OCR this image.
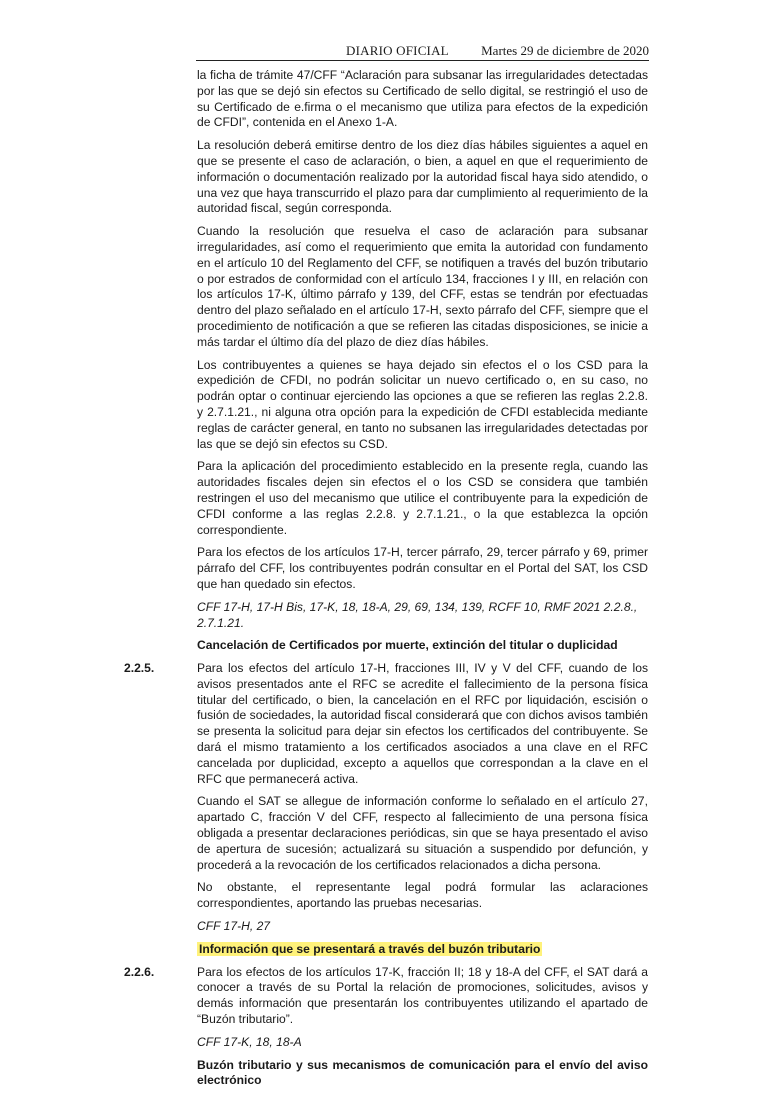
DIARIO OFICIAL Martes 29 de diciembre de 2020

la ficha de trámite 47/CFF “Aclaración para subsanar las irregularidades detectadas por las que se dejó sin efectos su Certificado de sello digital, se restringió el uso de su Certificado de e.firma o el mecanismo que utiliza para efectos de la expedición de CFDI”, contenida en el Anexo 1-A.

La resolución deberá emitirse dentro de los diez días hábiles siguientes a aquel en que se presente el caso de aclaración, o bien, a aquel en que el requerimiento de información o documentación realizado por la autoridad fiscal haya sido atendido, o una vez que haya transcurrido el plazo para dar cumplimiento al requerimiento de la autoridad fiscal, según corresponda.

Cuando la resolución que resuelva el caso de aclaración para subsanar irregularidades, así como el requerimiento que emita la autoridad con fundamento en el artículo 10 del Reglamento del CFF, se notifiquen a través del buzón tributario o por estrados de conformidad con el artículo 134, fracciones I y III, en relación con los artículos 17-K, último párrafo y 139, del CFF, estas se tendrán por efectuadas dentro del plazo señalado en el artículo 17-H, sexto párrafo del CFF, siempre que el procedimiento de notificación a que se refieren las citadas disposiciones, se inicie a más tardar el último día del plazo de diez días hábiles.

Los contribuyentes a quienes se haya dejado sin efectos el o los CSD para la expedición de CFDI, no podrán solicitar un nuevo certificado o, en su caso, no podrán optar o continuar ejerciendo las opciones a que se refieren las reglas 2.2.8. y 2.7.1.21., ni alguna otra opción para la expedición de CFDI establecida mediante reglas de carácter general, en tanto no subsanen las irregularidades detectadas por las que se dejó sin efectos su CSD.

Para la aplicación del procedimiento establecido en la presente regla, cuando las autoridades fiscales dejen sin efectos el o los CSD se considera que también restringen el uso del mecanismo que utilice el contribuyente para la expedición de CFDI conforme a las reglas 2.2.8. y 2.7.1.21., o la que establezca la opción correspondiente.

Para los efectos de los artículos 17-H, tercer párrafo, 29, tercer párrafo y 69, primer párrafo del CFF, los contribuyentes podrán consultar en el Portal del SAT, los CSD que han quedado sin efectos.

CFF 17-H, 17-H Bis, 17-K, 18, 18-A, 29, 69, 134, 139, RCFF 10, RMF 2021 2.2.8., 2.7.1.21.

Cancelación de Certificados por muerte, extinción del titular o duplicidad

2.2.5.	Para los efectos del artículo 17-H, fracciones III, IV y V del CFF, cuando de los avisos presentados ante el RFC se acredite el fallecimiento de la persona física titular del certificado, o bien, la cancelación en el RFC por liquidación, escisión o fusión de sociedades, la autoridad fiscal considerará que con dichos avisos también se presenta la solicitud para dejar sin efectos los certificados del contribuyente. Se dará el mismo tratamiento a los certificados asociados a una clave en el RFC cancelada por duplicidad, excepto a aquellos que correspondan a la clave en el RFC que permanecerá activa.

Cuando el SAT se allegue de información conforme lo señalado en el artículo 27, apartado C, fracción V del CFF, respecto al fallecimiento de una persona física obligada a presentar declaraciones periódicas, sin que se haya presentado el aviso de apertura de sucesión; actualizará su situación a suspendido por defunción, y procederá a la revocación de los certificados relacionados a dicha persona.

No obstante, el representante legal podrá formular las aclaraciones correspondientes, aportando las pruebas necesarias.

CFF 17-H, 27

Información que se presentará a través del buzón tributario

2.2.6.	Para los efectos de los artículos 17-K, fracción II; 18 y 18-A del CFF, el SAT dará a conocer a través de su Portal la relación de promociones, solicitudes, avisos y demás información que presentarán los contribuyentes utilizando el apartado de “Buzón tributario”.

CFF 17-K, 18, 18-A

Buzón tributario y sus mecanismos de comunicación para el envío del aviso electrónico
